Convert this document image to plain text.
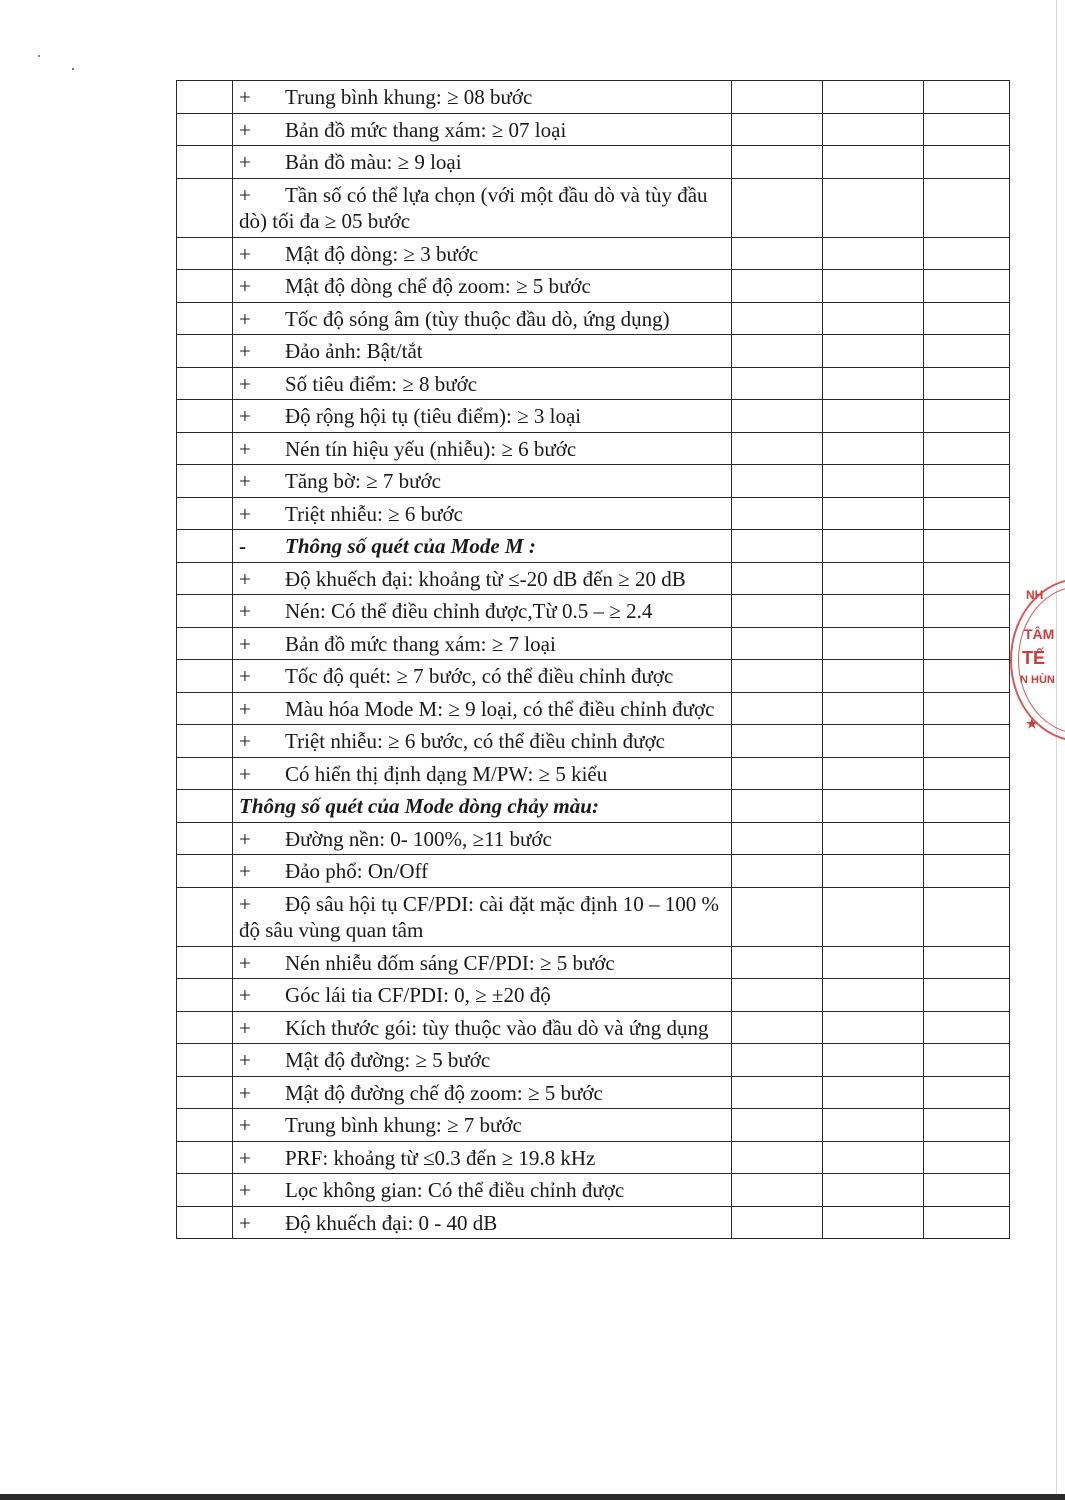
	+ Trung bình khung: ≥ 08 bước			
	+ Bản đồ mức thang xám: ≥ 07 loại			
	+ Bản đồ màu: ≥ 9 loại			
	+ Tần số có thể lựa chọn (với một đầu dò và tùy đầu dò) tối đa ≥ 05 bước			
	+ Mật độ dòng: ≥ 3 bước			
	+ Mật độ dòng chế độ zoom: ≥ 5 bước			
	+ Tốc độ sóng âm (tùy thuộc đầu dò, ứng dụng)			
	+ Đảo ảnh: Bật/tắt			
	+ Số tiêu điểm: ≥ 8 bước			
	+ Độ rộng hội tụ (tiêu điểm): ≥ 3 loại			
	+ Nén tín hiệu yếu (nhiễu): ≥ 6 bước			
	+ Tăng bờ: ≥ 7 bước			
	+ Triệt nhiễu: ≥ 6 bước			
	- Thông số quét của Mode M :			
	+ Độ khuếch đại: khoảng từ ≤-20 dB đến ≥ 20 dB			
	+ Nén: Có thể điều chỉnh được,Từ 0.5 – ≥ 2.4			
	+ Bản đồ mức thang xám: ≥ 7 loại			
	+ Tốc độ quét: ≥ 7 bước, có thể điều chỉnh được			
	+ Màu hóa Mode M: ≥ 9 loại, có thể điều chỉnh được			
	+ Triệt nhiễu: ≥ 6 bước, có thể điều chỉnh được			
	+ Có hiển thị định dạng M/PW: ≥ 5 kiểu			
	Thông số quét của Mode dòng chảy màu:			
	+ Đường nền: 0- 100%, ≥11 bước			
	+ Đảo phổ: On/Off			
	+ Độ sâu hội tụ CF/PDI: cài đặt mặc định 10 – 100 % độ sâu vùng quan tâm			
	+ Nén nhiễu đốm sáng CF/PDI: ≥ 5 bước			
	+ Góc lái tia CF/PDI: 0, ≥ ±20 độ			
	+ Kích thước gói: tùy thuộc vào đầu dò và ứng dụng			
	+ Mật độ đường: ≥ 5 bước			
	+ Mật độ đường chế độ zoom: ≥ 5 bước			
	+ Trung bình khung: ≥ 7 bước			
	+ PRF: khoảng từ ≤0.3 đến ≥ 19.8 kHz			
	+ Lọc không gian: Có thể điều chỉnh được			
	+ Độ khuếch đại: 0 - 40 dB			
NH
TÂM
TẾ
N HÙN
★
